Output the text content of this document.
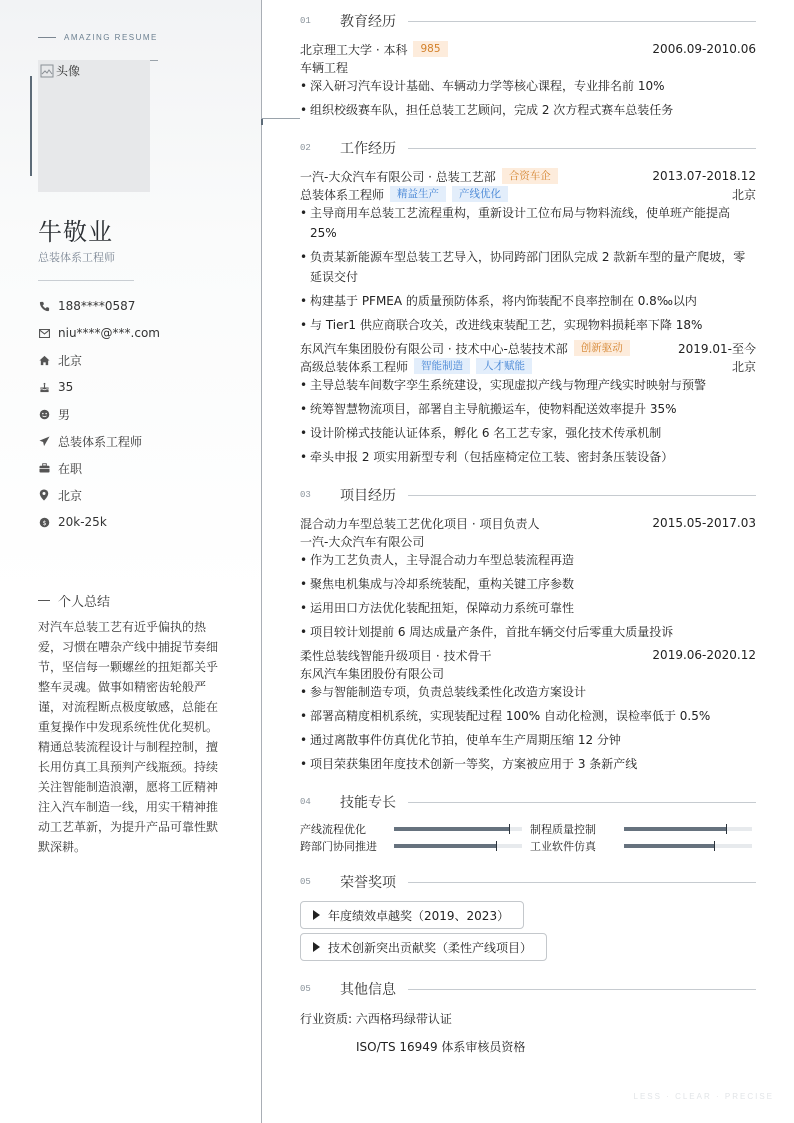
AMAZING RESUME
头像
牛敬业
总装体系工程师
188****0587
niu****@***.com
北京
35
男
总装体系工程师
在职
北京
$ 20k-25k
个人总结
对汽车总装工艺有近乎偏执的热爱，习惯在嘈杂产线中捕捉节奏细节，坚信每一颗螺丝的扭矩都关乎整车灵魂。做事如精密齿轮般严谨，对流程断点极度敏感，总能在重复操作中发现系统性优化契机。精通总装流程设计与制程控制，擅长用仿真工具预判产线瓶颈。持续关注智能制造浪潮，愿将工匠精神注入汽车制造一线，用实干精神推动工艺革新，为提升产品可靠性默默深耕。
01	教育经历
北京理工大学 · 本科	985	2006.09-2010.06
车辆工程
• 深入研习汽车设计基础、车辆动力学等核心课程，专业排名前 10%
• 组织校级赛车队，担任总装工艺顾问，完成 2 次方程式赛车总装任务
02	工作经历
一汽-大众汽车有限公司 · 总装工艺部	合资车企	2013.07-2018.12
总装体系工程师	精益生产	产线优化	北京
• 主导商用车总装工艺流程重构，重新设计工位布局与物料流线，使单班产能提高 25%
• 负责某新能源车型总装工艺导入，协同跨部门团队完成 2 款新车型的量产爬坡，零延误交付
• 构建基于 PFMEA 的质量预防体系，将内饰装配不良率控制在 0.8‰以内
• 与 Tier1 供应商联合攻关，改进线束装配工艺，实现物料损耗率下降 18%
东风汽车集团股份有限公司 · 技术中心-总装技术部	创新驱动	2019.01-至今
高级总装体系工程师	智能制造	人才赋能	北京
• 主导总装车间数字孪生系统建设，实现虚拟产线与物理产线实时映射与预警
• 统筹智慧物流项目，部署自主导航搬运车，使物料配送效率提升 35%
• 设计阶梯式技能认证体系，孵化 6 名工艺专家，强化技术传承机制
• 牵头申报 2 项实用新型专利（包括座椅定位工装、密封条压装设备）
03	项目经历
混合动力车型总装工艺优化项目 · 项目负责人	2015.05-2017.03
一汽-大众汽车有限公司
• 作为工艺负责人，主导混合动力车型总装流程再造
• 聚焦电机集成与冷却系统装配，重构关键工序参数
• 运用田口方法优化装配扭矩，保障动力系统可靠性
• 项目较计划提前 6 周达成量产条件，首批车辆交付后零重大质量投诉
柔性总装线智能升级项目 · 技术骨干	2019.06-2020.12
东风汽车集团股份有限公司
• 参与智能制造专项，负责总装线柔性化改造方案设计
• 部署高精度相机系统，实现装配过程 100% 自动化检测，误检率低于 0.5%
• 通过离散事件仿真优化节拍，使单车生产周期压缩 12 分钟
• 项目荣获集团年度技术创新一等奖，方案被应用于 3 条新产线
04	技能专长
产线流程优化	制程质量控制
跨部门协同推进	工业软件仿真
05	荣誉奖项
年度绩效卓越奖（2019、2023）
技术创新突出贡献奖（柔性产线项目）
05	其他信息
行业资质: 六西格玛绿带认证
ISO/TS 16949 体系审核员资格
LESS · CLEAR · PRECISE
